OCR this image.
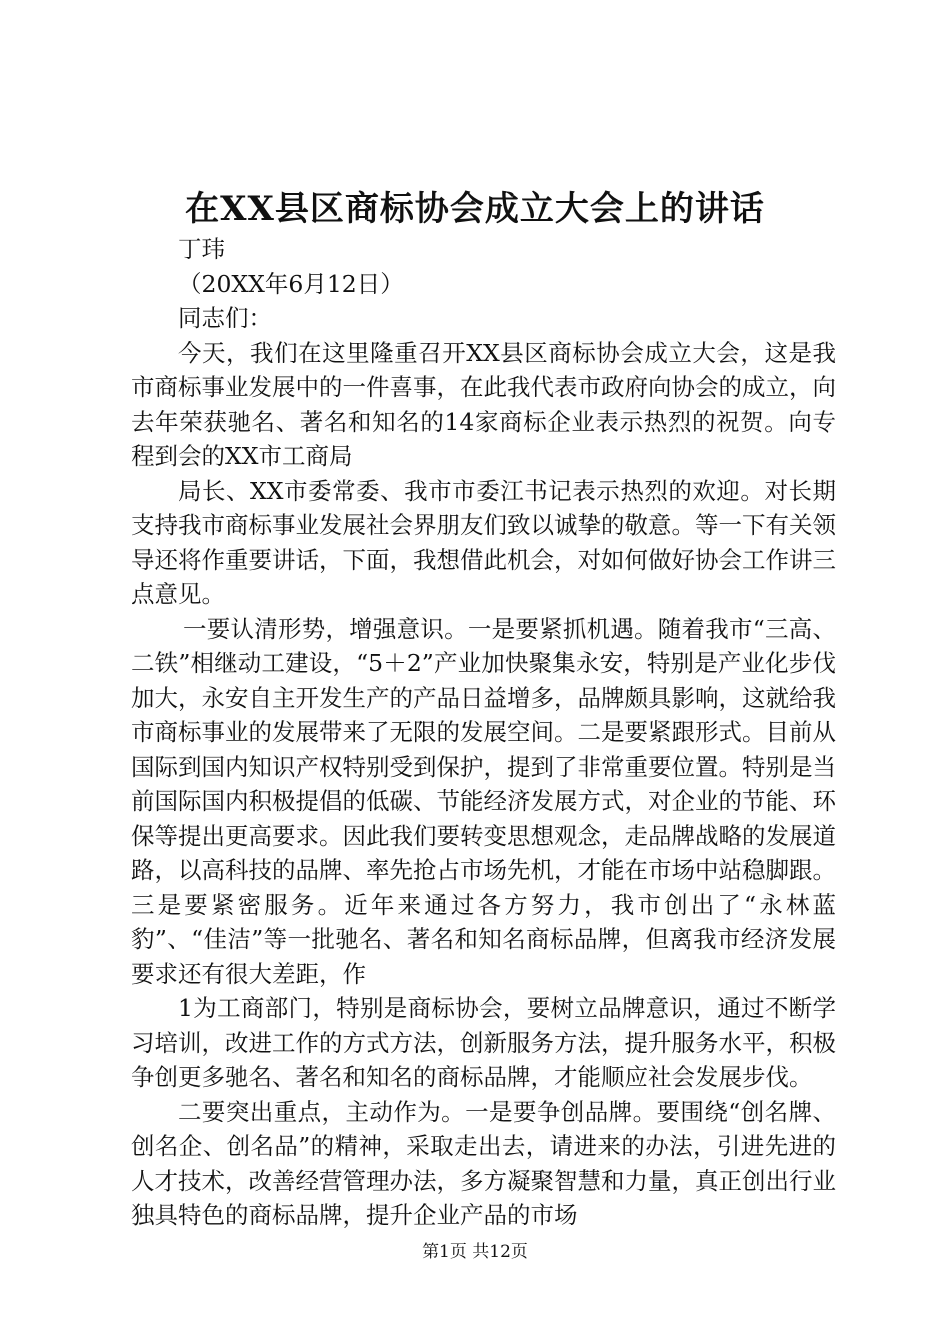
在XX县区商标协会成立大会上的讲话
丁玮
（20XX年6月12日）
同志们：

今天，我们在这里隆重召开XX县区商标协会成立大会，这是我市商标事业发展中的一件喜事，在此我代表市政府向协会的成立，向去年荣获驰名、著名和知名的14家商标企业表示热烈的祝贺。向专程到会的XX市工商局

局长、XX市委常委、我市市委江书记表示热烈的欢迎。对长期支持我市商标事业发展社会界朋友们致以诚挚的敬意。等一下有关领导还将作重要讲话，下面，我想借此机会，对如何做好协会工作讲三点意见。

一要认清形势，增强意识。一是要紧抓机遇。随着我市“三高、二铁”相继动工建设，“5＋2”产业加快聚集永安，特别是产业化步伐加大，永安自主开发生产的产品日益增多，品牌颇具影响，这就给我市商标事业的发展带来了无限的发展空间。二是要紧跟形式。目前从国际到国内知识产权特别受到保护，提到了非常重要位置。特别是当前国际国内积极提倡的低碳、节能经济发展方式，对企业的节能、环保等提出更高要求。因此我们要转变思想观念，走品牌战略的发展道路，以高科技的品牌、率先抢占市场先机，才能在市场中站稳脚跟。三是要紧密服务。近年来通过各方努力，我市创出了“永林蓝豹”、“佳洁”等一批驰名、著名和知名商标品牌，但离我市经济发展要求还有很大差距，作

1为工商部门，特别是商标协会，要树立品牌意识，通过不断学习培训，改进工作的方式方法，创新服务方法，提升服务水平，积极争创更多驰名、著名和知名的商标品牌，才能顺应社会发展步伐。

二要突出重点，主动作为。一是要争创品牌。要围绕“创名牌、创名企、创名品”的精神，采取走出去，请进来的办法，引进先进的人才技术，改善经营管理办法，多方凝聚智慧和力量，真正创出行业独具特色的商标品牌，提升企业产品的市场

第1页 共12页
